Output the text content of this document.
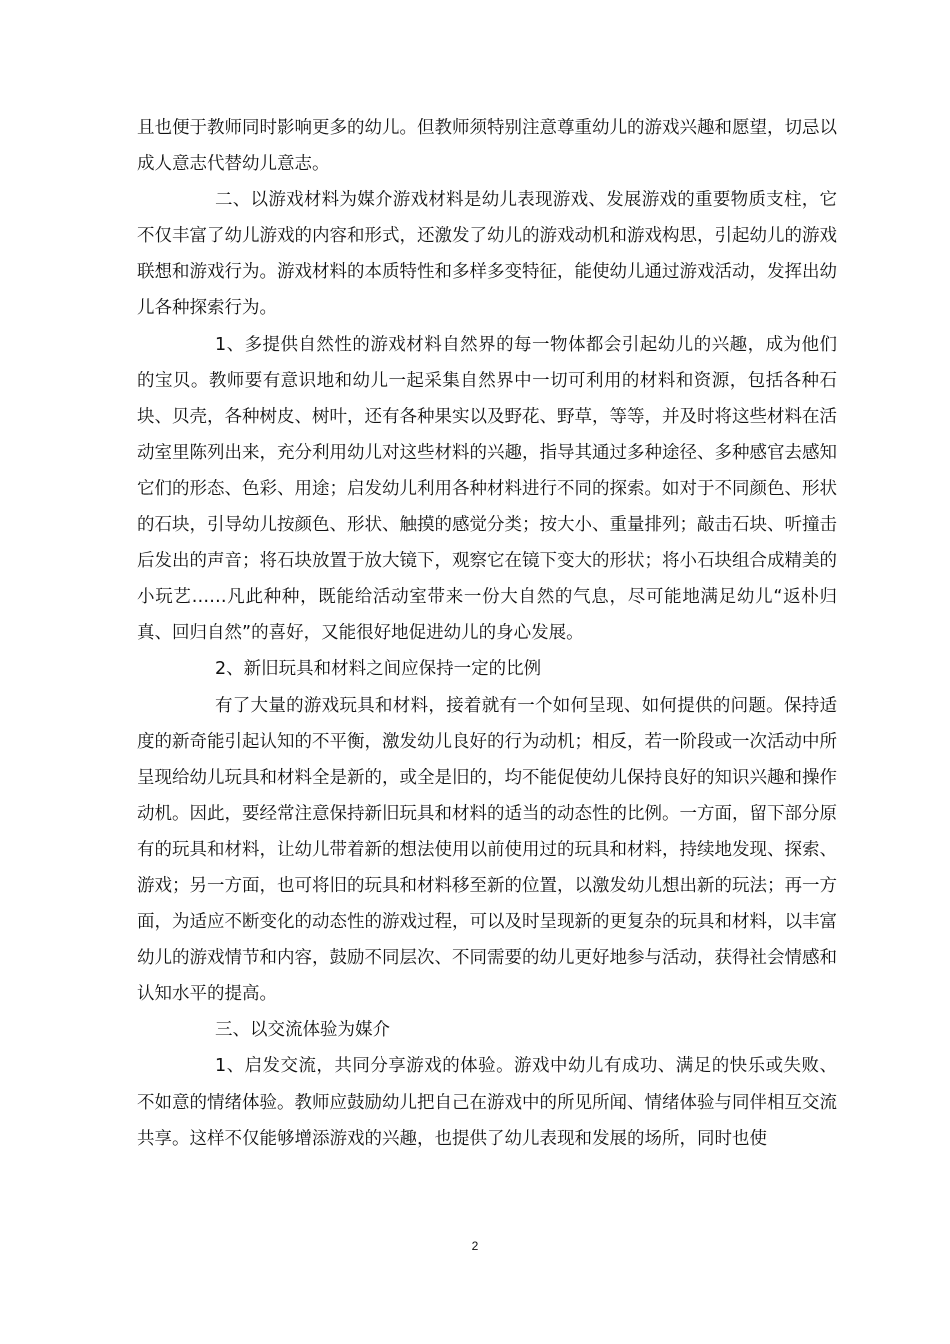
且也便于教师同时影响更多的幼儿。但教师须特别注意尊重幼儿的游戏兴趣和愿望，切忌以成人意志代替幼儿意志。

二、以游戏材料为媒介游戏材料是幼儿表现游戏、发展游戏的重要物质支柱，它不仅丰富了幼儿游戏的内容和形式，还激发了幼儿的游戏动机和游戏构思，引起幼儿的游戏联想和游戏行为。游戏材料的本质特性和多样多变特征，能使幼儿通过游戏活动，发挥出幼儿各种探索行为。

1、多提供自然性的游戏材料自然界的每一物体都会引起幼儿的兴趣，成为他们的宝贝。教师要有意识地和幼儿一起采集自然界中一切可利用的材料和资源，包括各种石块、贝壳，各种树皮、树叶，还有各种果实以及野花、野草，等等，并及时将这些材料在活动室里陈列出来，充分利用幼儿对这些材料的兴趣，指导其通过多种途径、多种感官去感知它们的形态、色彩、用途；启发幼儿利用各种材料进行不同的探索。如对于不同颜色、形状的石块，引导幼儿按颜色、形状、触摸的感觉分类；按大小、重量排列；敲击石块、听撞击后发出的声音；将石块放置于放大镜下，观察它在镜下变大的形状；将小石块组合成精美的小玩艺……凡此种种，既能给活动室带来一份大自然的气息，尽可能地满足幼儿“返朴归真、回归自然”的喜好，又能很好地促进幼儿的身心发展。

2、新旧玩具和材料之间应保持一定的比例

有了大量的游戏玩具和材料，接着就有一个如何呈现、如何提供的问题。保持适度的新奇能引起认知的不平衡，激发幼儿良好的行为动机；相反，若一阶段或一次活动中所呈现给幼儿玩具和材料全是新的，或全是旧的，均不能促使幼儿保持良好的知识兴趣和操作动机。因此，要经常注意保持新旧玩具和材料的适当的动态性的比例。一方面，留下部分原有的玩具和材料，让幼儿带着新的想法使用以前使用过的玩具和材料，持续地发现、探索、游戏；另一方面，也可将旧的玩具和材料移至新的位置，以激发幼儿想出新的玩法；再一方面，为适应不断变化的动态性的游戏过程，可以及时呈现新的更复杂的玩具和材料，以丰富幼儿的游戏情节和内容，鼓励不同层次、不同需要的幼儿更好地参与活动，获得社会情感和认知水平的提高。

三、以交流体验为媒介

1、启发交流，共同分享游戏的体验。游戏中幼儿有成功、满足的快乐或失败、不如意的情绪体验。教师应鼓励幼儿把自己在游戏中的所见所闻、情绪体验与同伴相互交流共享。这样不仅能够增添游戏的兴趣，也提供了幼儿表现和发展的场所，同时也使

2
